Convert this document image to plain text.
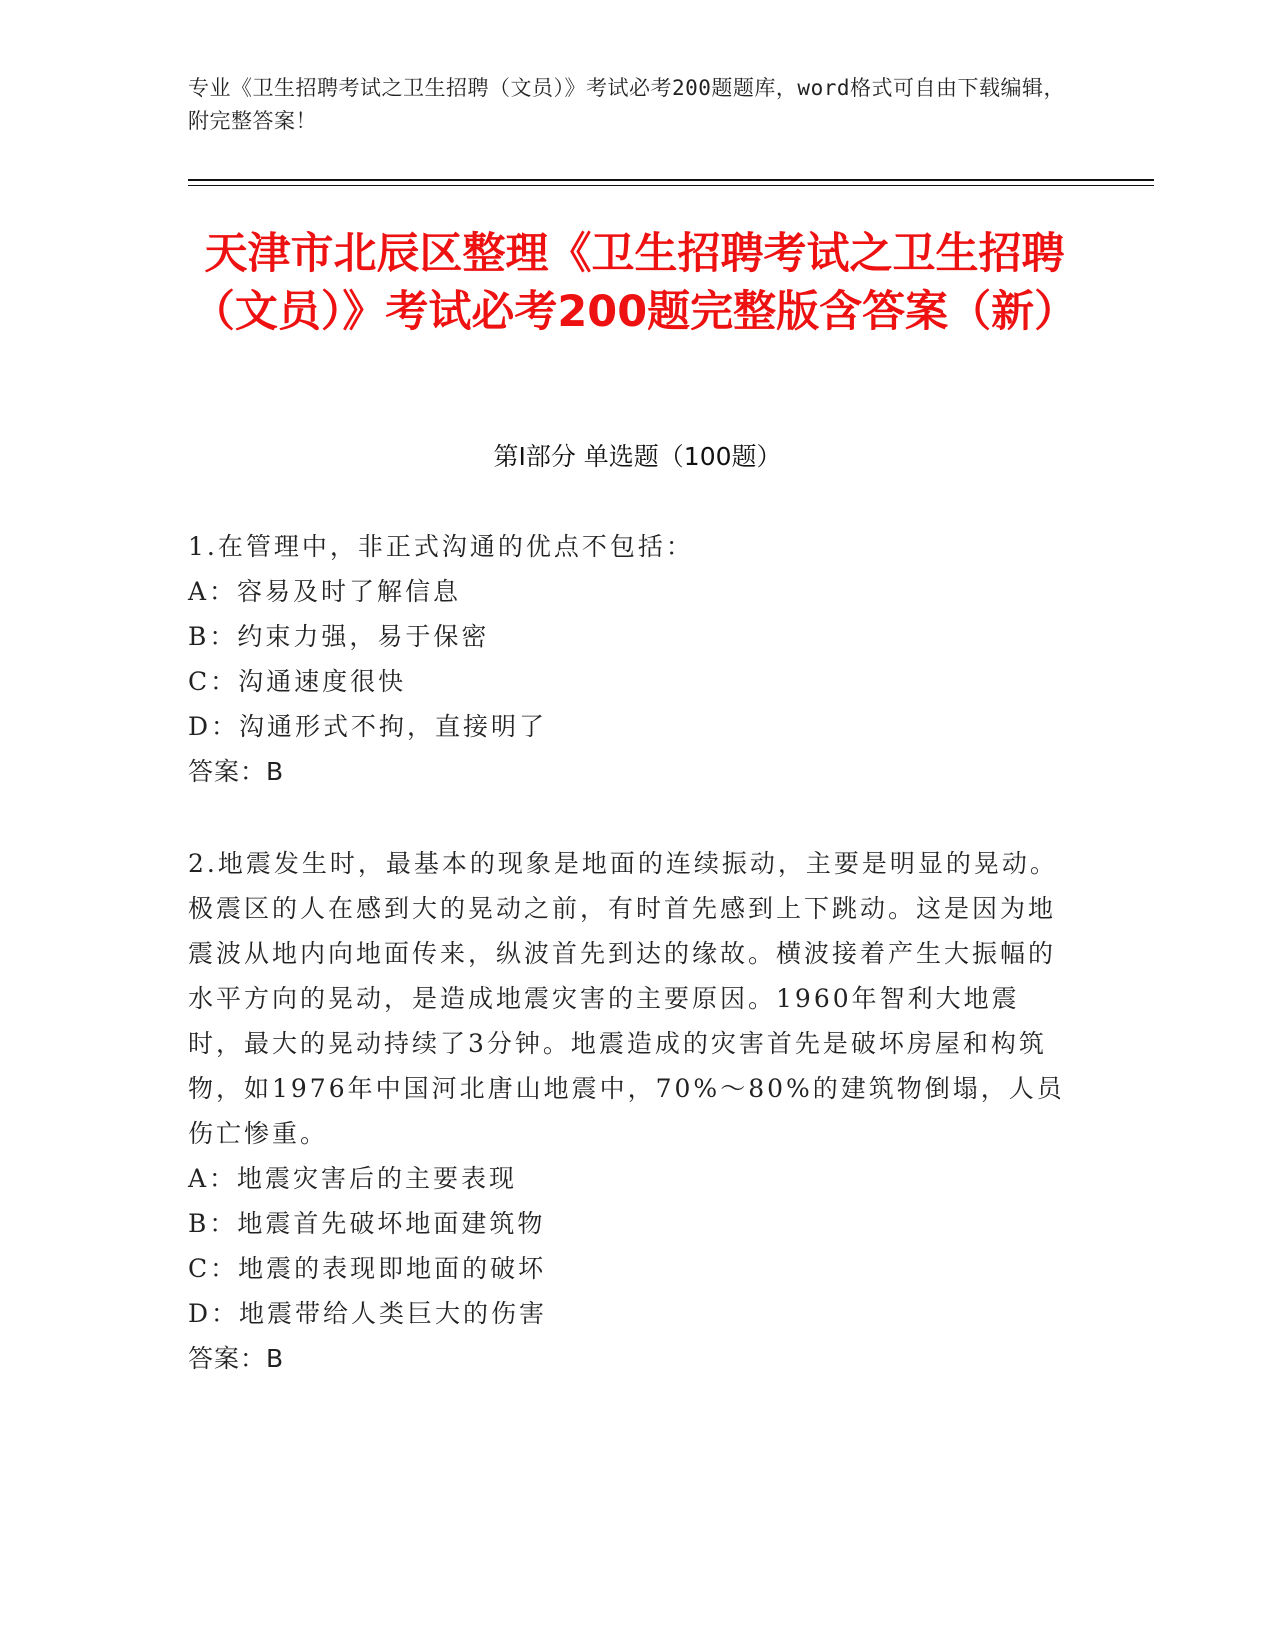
专业《卫生招聘考试之卫生招聘（文员）》考试必考200题题库，word格式可自由下载编辑，附完整答案！
天津市北辰区整理《卫生招聘考试之卫生招聘（文员）》考试必考200题完整版含答案（新）
第Ⅰ部分 单选题（100题）
1.在管理中，非正式沟通的优点不包括：
A：容易及时了解信息
B：约束力强，易于保密
C：沟通速度很快
D：沟通形式不拘，直接明了
答案：B
2.地震发生时，最基本的现象是地面的连续振动，主要是明显的晃动。极震区的人在感到大的晃动之前，有时首先感到上下跳动。这是因为地震波从地内向地面传来，纵波首先到达的缘故。横波接着产生大振幅的水平方向的晃动，是造成地震灾害的主要原因。1960年智利大地震时，最大的晃动持续了3分钟。地震造成的灾害首先是破坏房屋和构筑物，如1976年中国河北唐山地震中，70%～80%的建筑物倒塌，人员伤亡惨重。
A：地震灾害后的主要表现
B：地震首先破坏地面建筑物
C：地震的表现即地面的破坏
D：地震带给人类巨大的伤害
答案：B
